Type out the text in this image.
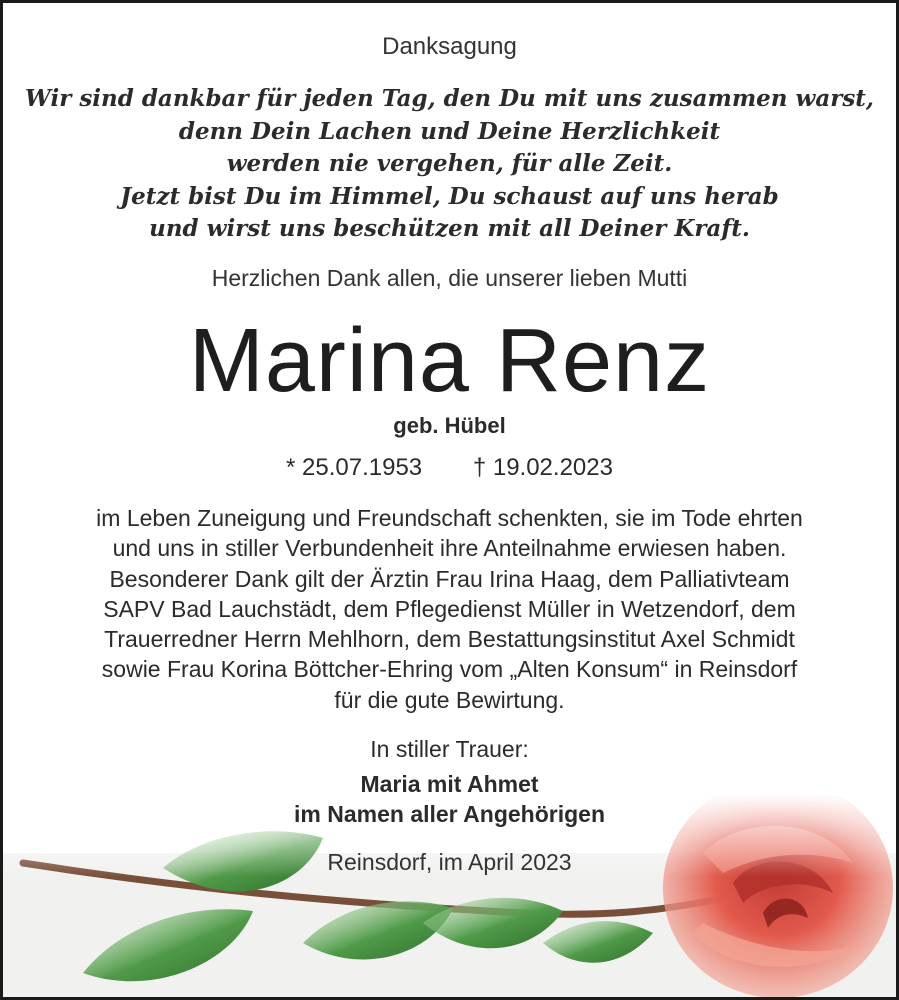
Danksagung
Wir sind dankbar für jeden Tag, den Du mit uns zusammen warst,
denn Dein Lachen und Deine Herzlichkeit
werden nie vergehen, für alle Zeit.
Jetzt bist Du im Himmel, Du schaust auf uns herab
und wirst uns beschützen mit all Deiner Kraft.
Herzlichen Dank allen, die unserer lieben Mutti
Marina Renz
geb. Hübel
* 25.07.1953 † 19.02.2023
im Leben Zuneigung und Freundschaft schenkten, sie im Tode ehrten
und uns in stiller Verbundenheit ihre Anteilnahme erwiesen haben.
Besonderer Dank gilt der Ärztin Frau Irina Haag, dem Palliativteam
SAPV Bad Lauchstädt, dem Pflegedienst Müller in Wetzendorf, dem
Trauerredner Herrn Mehlhorn, dem Bestattungsinstitut Axel Schmidt
sowie Frau Korina Böttcher-Ehring vom „Alten Konsum“ in Reinsdorf
für die gute Bewirtung.
In stiller Trauer:
Maria mit Ahmet
im Namen aller Angehörigen
Reinsdorf, im April 2023
